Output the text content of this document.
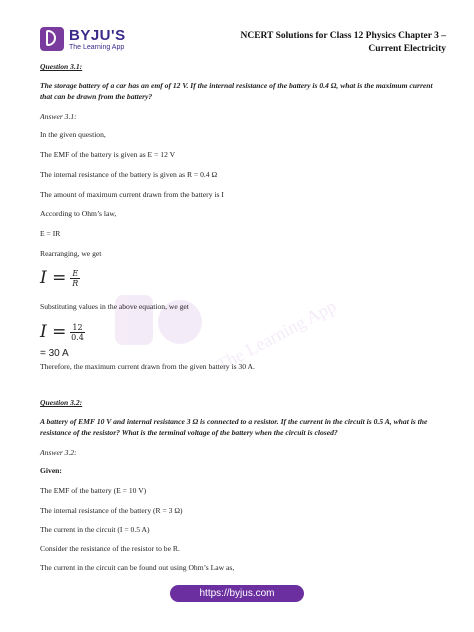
BYJU'S
The Learning App
NCERT Solutions for Class 12 Physics Chapter 3 –
Current Electricity
The Learning App
Question 3.1:
The storage battery of a car has an emf of 12 V. If the internal resistance of the battery is 0.4 Ω, what is the maximum current that can be drawn from the battery?
Answer 3.1:
In the given question,
The EMF of the battery is given as E = 12 V
The internal resistance of the battery is given as R = 0.4 Ω
The amount of maximum current drawn from the battery is I
According to Ohm’s law,
E = IR
Rearranging, we get
$I = \frac{E}{R}$
Substituting values in the above equation, we get
$I = \frac{12}{0.4}$
= 30 A
Therefore, the maximum current drawn from the given battery is 30 A.
Question 3.2:
A battery of EMF 10 V and internal resistance 3 Ω is connected to a resistor. If the current in the circuit is 0.5 A, what is the resistance of the resistor? What is the terminal voltage of the battery when the circuit is closed?
Answer 3.2:
Given:
The EMF of the battery (E = 10 V)
The internal resistance of the battery (R = 3 Ω)
The current in the circuit (I = 0.5 A)
Consider the resistance of the resistor to be R.
The current in the circuit can be found out using Ohm’s Law as,
https://byjus.com
